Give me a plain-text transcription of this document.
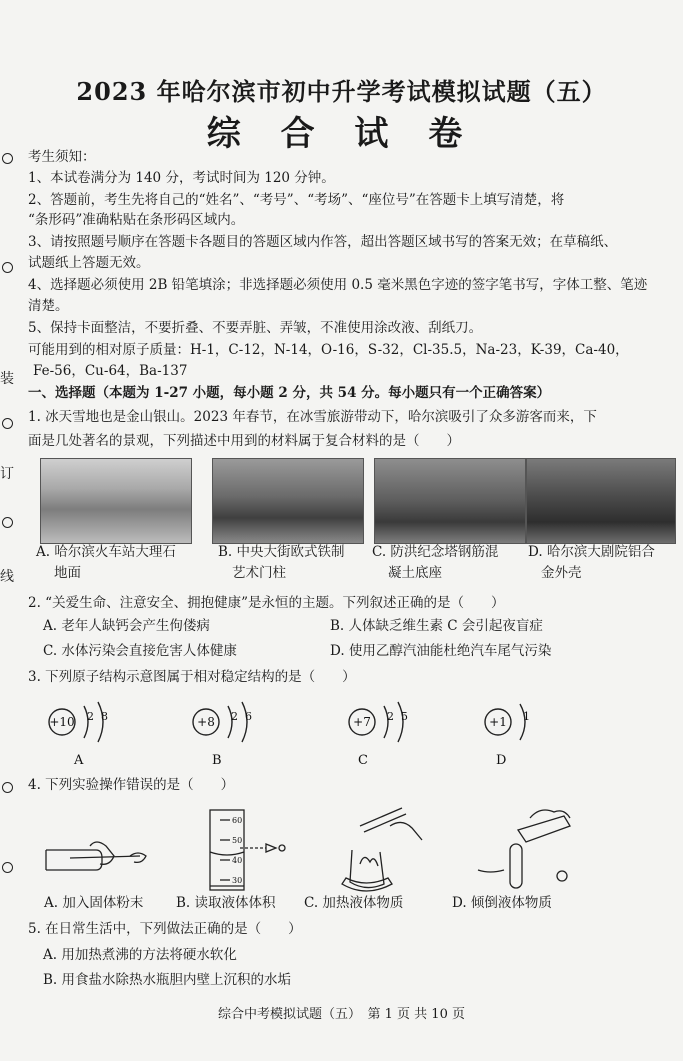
2023 年哈尔滨市初中升学考试模拟试题（五）
综 合 试 卷
装
订
线
考生须知：
1、本试卷满分为 140 分，考试时间为 120 分钟。
2、答题前，考生先将自己的“姓名”、“考号”、“考场”、“座位号”在答题卡上填写清楚，将
“条形码”准确粘贴在条形码区域内。
3、请按照题号顺序在答题卡各题目的答题区域内作答，超出答题区域书写的答案无效；在草稿纸、
试题纸上答题无效。
4、选择题必须使用 2B 铅笔填涂；非选择题必须使用 0.5 毫米黑色字迹的签字笔书写，字体工整、笔迹
清楚。
5、保持卡面整洁，不要折叠、不要弄脏、弄皱，不准使用涂改液、刮纸刀。
可能用到的相对原子质量：H-1，C-12，N-14，O-16，S-32，Cl-35.5，Na-23，K-39，Ca-40，
Fe-56，Cu-64，Ba-137
一、选择题（本题为 1-27 小题，每小题 2 分，共 54 分。每小题只有一个正确答案）
1. 冰天雪地也是金山银山。2023 年春节，在冰雪旅游带动下，哈尔滨吸引了众多游客而来，下
面是几处著名的景观，下列描述中用到的材料属于复合材料的是（　　）
A. 哈尔滨火车站大理石
地面
B. 中央大街欧式铁制
艺术门柱
C. 防洪纪念塔钢筋混
凝土底座
D. 哈尔滨大剧院铝合
金外壳
2. “关爱生命、注意安全、拥抱健康”是永恒的主题。下列叙述正确的是（　　）
A. 老年人缺钙会产生佝偻病	B. 人体缺乏维生素 C 会引起夜盲症
C. 水体污染会直接危害人体健康	D. 使用乙醇汽油能杜绝汽车尾气污染
3. 下列原子结构示意图属于相对稳定结构的是（　　）
+10 2 8	+8 2 6	+7 2 5	+1 1
A	B	C	D
4. 下列实验操作错误的是（　　）
60
50
40
30
A. 加入固体粉末 B. 读取液体体积 C. 加热液体物质	D. 倾倒液体物质
5. 在日常生活中，下列做法正确的是（　　）
A. 用加热煮沸的方法将硬水软化
B. 用食盐水除热水瓶胆内壁上沉积的水垢
综合中考模拟试题（五）　第 1 页 共 10 页
